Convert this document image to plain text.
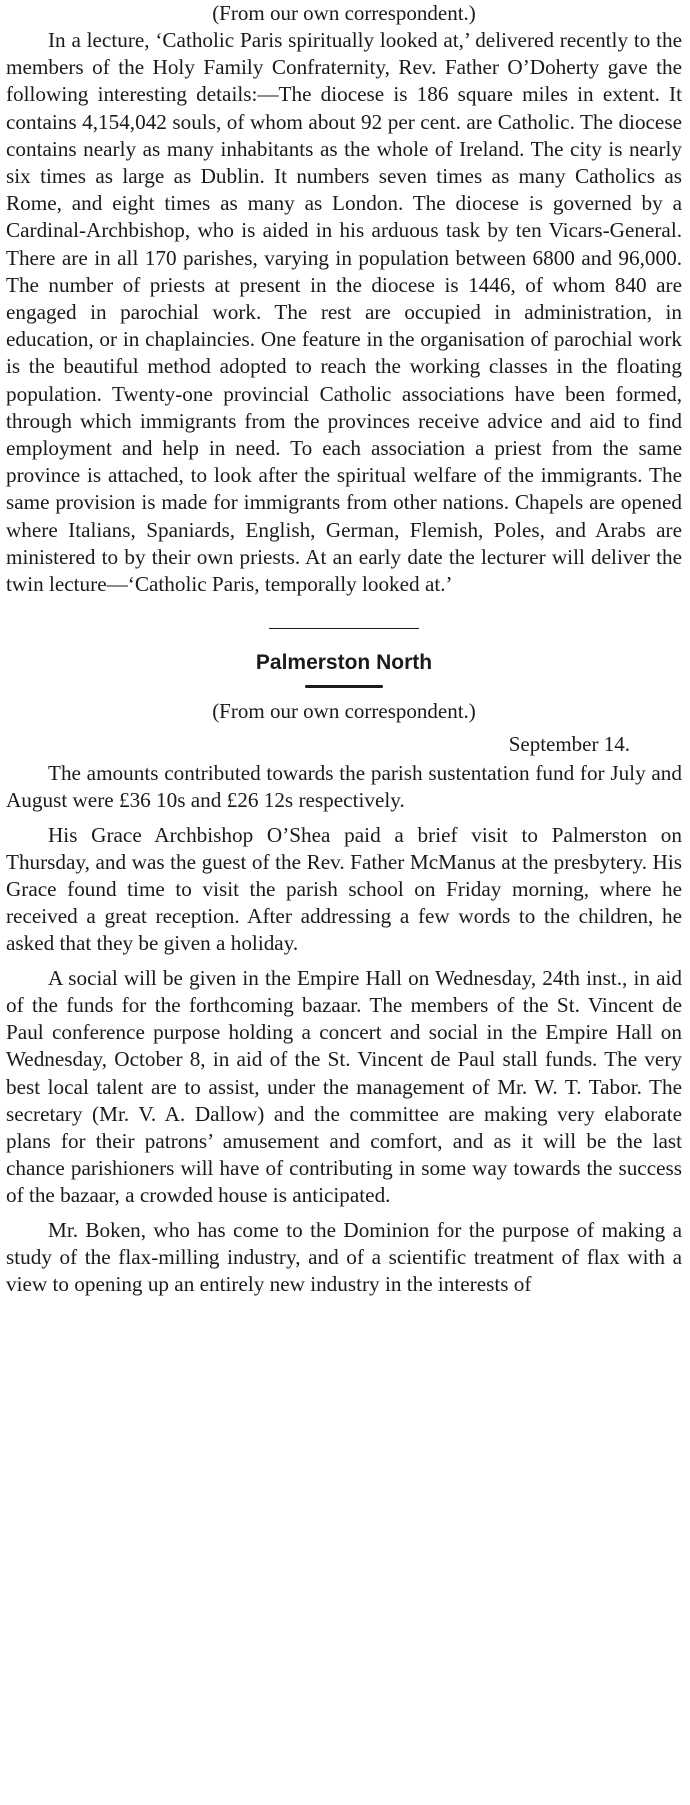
(From our own correspondent.)

In a lecture, ‘Catholic Paris spiritually looked at,’ delivered recently to the members of the Holy Family Confraternity, Rev. Father O’Doherty gave the following interesting details:—The diocese is 186 square miles in extent. It contains 4,154,042 souls, of whom about 92 per cent. are Catholic. The diocese contains nearly as many inhabitants as the whole of Ireland. The city is nearly six times as large as Dublin. It numbers seven times as many Catholics as Rome, and eight times as many as London. The diocese is governed by a Cardinal-Archbishop, who is aided in his arduous task by ten Vicars-General. There are in all 170 parishes, varying in population between 6800 and 96,000. The number of priests at present in the diocese is 1446, of whom 840 are engaged in parochial work. The rest are occupied in administration, in education, or in chaplaincies. One feature in the organisation of parochial work is the beautiful method adopted to reach the working classes in the floating population. Twenty-one provincial Catholic associations have been formed, through which immigrants from the provinces receive advice and aid to find employment and help in need. To each association a priest from the same province is attached, to look after the spiritual welfare of the immigrants. The same provision is made for immigrants from other nations. Chapels are opened where Italians, Spaniards, English, German, Flemish, Poles, and Arabs are ministered to by their own priests. At an early date the lecturer will deliver the twin lecture—‘Catholic Paris, temporally looked at.’

Palmerston North

(From our own correspondent.)

September 14.

The amounts contributed towards the parish sustentation fund for July and August were £36 10s and £26 12s respectively.

His Grace Archbishop O’Shea paid a brief visit to Palmerston on Thursday, and was the guest of the Rev. Father McManus at the presbytery. His Grace found time to visit the parish school on Friday morning, where he received a great reception. After addressing a few words to the children, he asked that they be given a holiday.

A social will be given in the Empire Hall on Wednesday, 24th inst., in aid of the funds for the forthcoming bazaar. The members of the St. Vincent de Paul conference purpose holding a concert and social in the Empire Hall on Wednesday, October 8, in aid of the St. Vincent de Paul stall funds. The very best local talent are to assist, under the management of Mr. W. T. Tabor. The secretary (Mr. V. A. Dallow) and the committee are making very elaborate plans for their patrons’ amusement and comfort, and as it will be the last chance parishioners will have of contributing in some way towards the success of the bazaar, a crowded house is anticipated.

Mr. Boken, who has come to the Dominion for the purpose of making a study of the flax-milling industry, and of a scientific treatment of flax with a view to opening up an entirely new industry in the interests of
